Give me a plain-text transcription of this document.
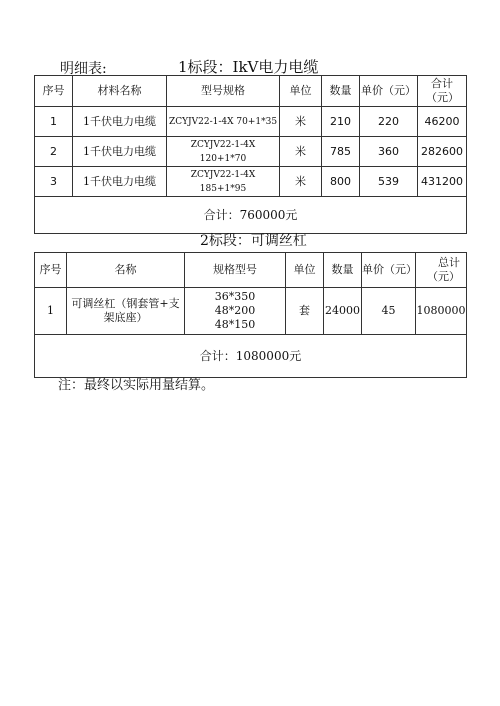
明细表:	1标段：IkV电力电缆
序号	材料名称	型号规格	单位	数量	单价（元）	合计（元）
1	1千伏电力电缆	ZCYJV22-1-4X 70+1*35	米	210	220	46200
2	1千伏电力电缆	ZCYJV22-1-4X 120+1*70	米	785	360	282600
3	1千伏电力电缆	ZCYJV22-1-4X 185+1*95	米	800	539	431200
合计：760000元						
2标段：可调丝杠
序号	名称	规格型号	单位	数量	单价（元）	总计（元）
1	可调丝杠（钢套管+支架底座）	36*350
48*200
48*150	套	24000	45	1080000
合计：1080000元						
注：最终以实际用量结算。
